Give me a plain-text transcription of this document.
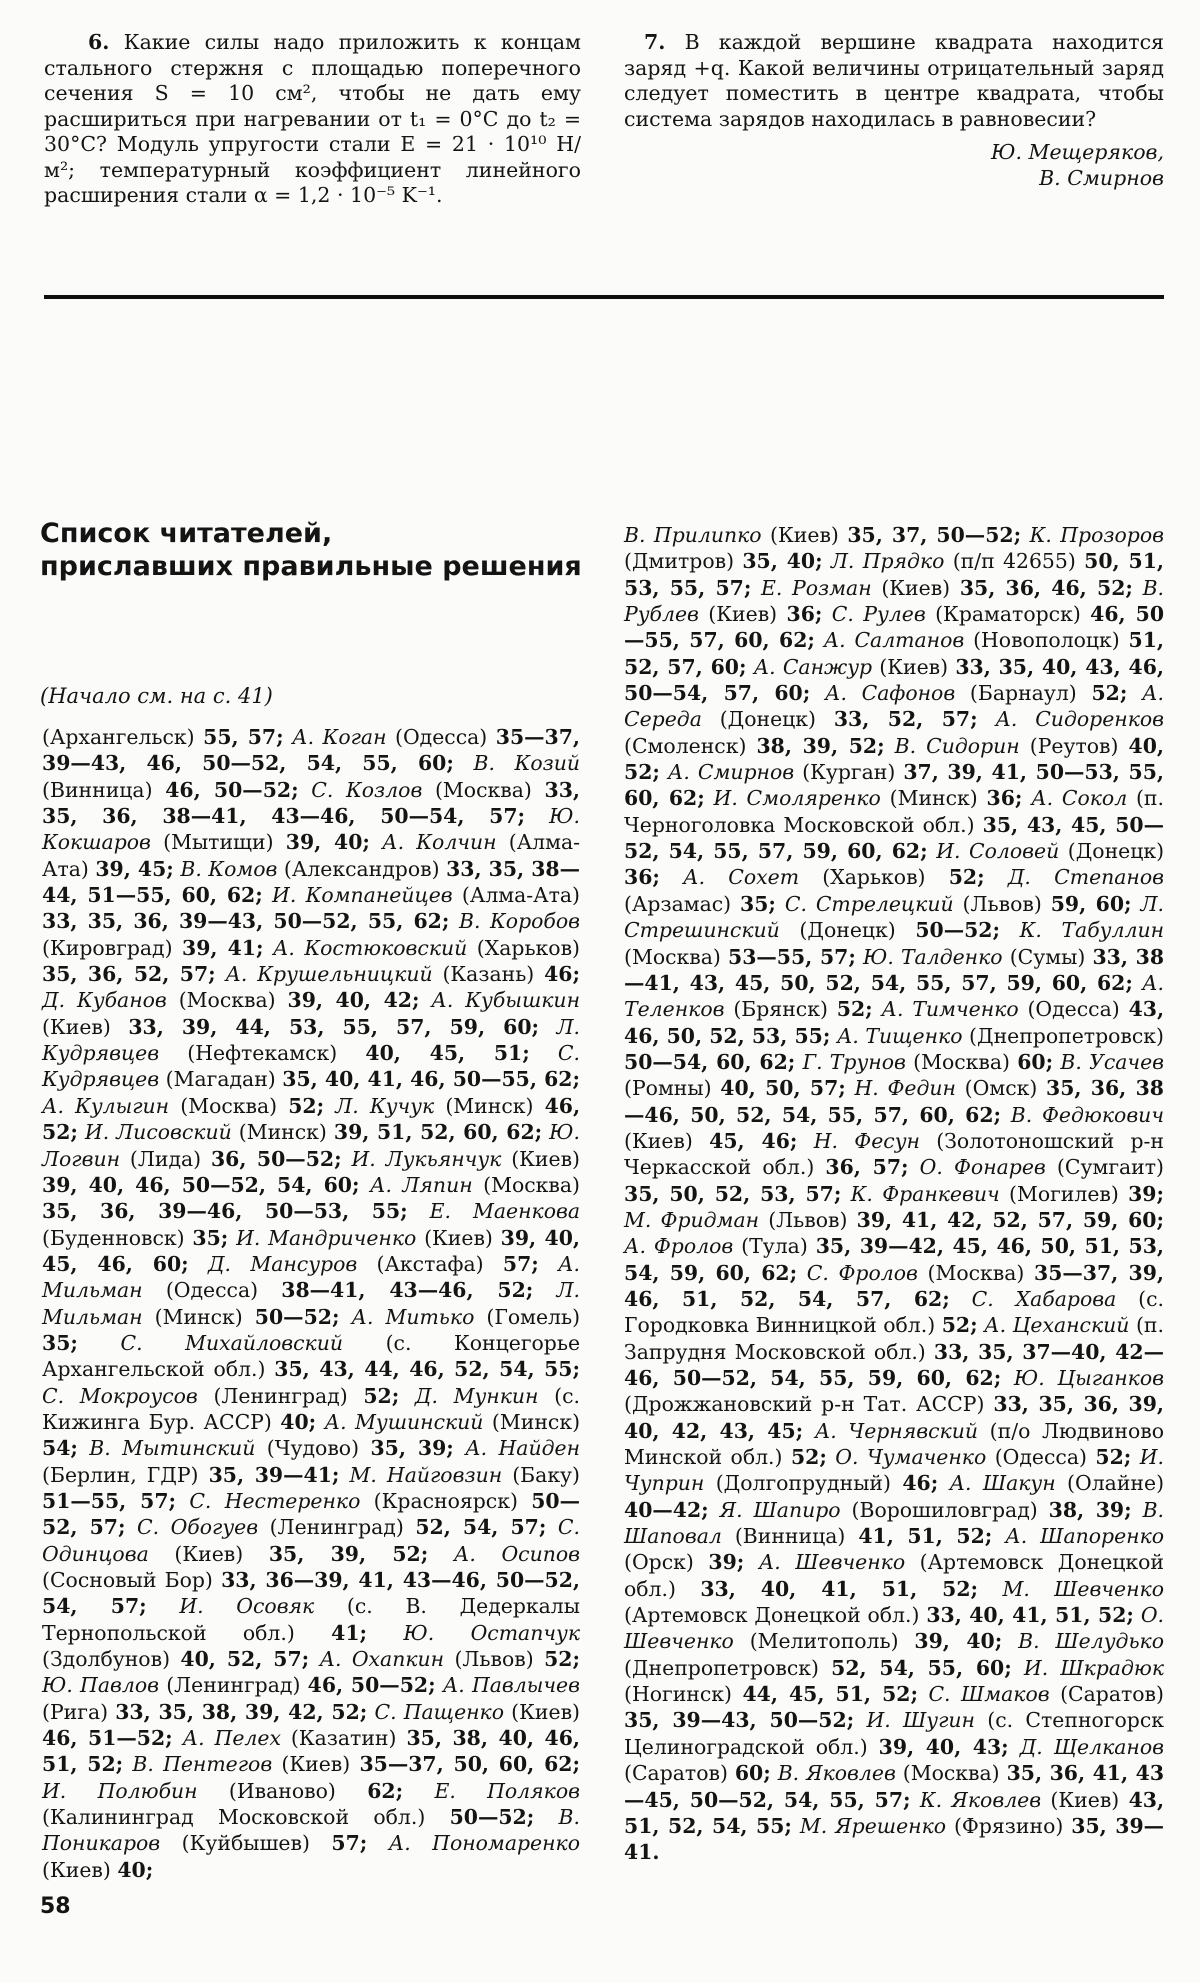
6. Какие силы надо приложить к концам стального стержня с площадью поперечного сечения S = 10 см², чтобы не дать ему расшириться при нагревании от t₁ = 0°C до t₂ = 30°C? Модуль упругости стали E = 21 · 10¹⁰ Н/м²; температурный коэффициент линейного расширения стали α = 1,2 · 10⁻⁵ K⁻¹.
7. В каждой вершине квадрата находится заряд +q. Какой величины отрицательный заряд следует поместить в центре квадрата, чтобы система зарядов находилась в равновесии?
Ю. Мещеряков,
В. Смирнов
Список читателей,
приславших правильные решения
(Начало см. на с. 41)
(Архангельск) 55, 57; А. Коган (Одесса) 35—37, 39—43, 46, 50—52, 54, 55, 60; В. Козий (Винница) 46, 50—52; С. Козлов (Москва) 33, 35, 36, 38—41, 43—46, 50—54, 57; Ю. Кокшаров (Мытищи) 39, 40; А. Колчин (Алма-Ата) 39, 45; В. Комов (Александров) 33, 35, 38—44, 51—55, 60, 62; И. Компанейцев (Алма-Ата) 33, 35, 36, 39—43, 50—52, 55, 62; В. Коробов (Кировград) 39, 41; А. Костюковский (Харьков) 35, 36, 52, 57; А. Крушельницкий (Казань) 46; Д. Кубанов (Москва) 39, 40, 42; А. Кубышкин (Киев) 33, 39, 44, 53, 55, 57, 59, 60; Л. Кудрявцев (Нефтекамск) 40, 45, 51; С. Кудрявцев (Магадан) 35, 40, 41, 46, 50—55, 62; А. Кулыгин (Москва) 52; Л. Кучук (Минск) 46, 52; И. Лисовский (Минск) 39, 51, 52, 60, 62; Ю. Логвин (Лида) 36, 50—52; И. Лукьянчук (Киев) 39, 40, 46, 50—52, 54, 60; А. Ляпин (Москва) 35, 36, 39—46, 50—53, 55; Е. Маенкова (Буденновск) 35; И. Мандриченко (Киев) 39, 40, 45, 46, 60; Д. Мансуров (Акстафа) 57; А. Мильман (Одесса) 38—41, 43—46, 52; Л. Мильман (Минск) 50—52; А. Митько (Гомель) 35; С. Михайловский (с. Концегорье Архангельской обл.) 35, 43, 44, 46, 52, 54, 55; С. Мокроусов (Ленинград) 52; Д. Мункин (с. Кижинга Бур. АССР) 40; А. Мушинский (Минск) 54; В. Мытинский (Чудово) 35, 39; А. Найден (Берлин, ГДР) 35, 39—41; М. Найговзин (Баку) 51—55, 57; С. Нестеренко (Красноярск) 50—52, 57; С. Обогуев (Ленинград) 52, 54, 57; С. Одинцова (Киев) 35, 39, 52; А. Осипов (Сосновый Бор) 33, 36—39, 41, 43—46, 50—52, 54, 57; И. Осовяк (с. В. Дедеркалы Тернопольской обл.) 41; Ю. Остапчук (Здолбунов) 40, 52, 57; А. Охапкин (Львов) 52; Ю. Павлов (Ленинград) 46, 50—52; А. Павлычев (Рига) 33, 35, 38, 39, 42, 52; С. Пащенко (Киев) 46, 51—52; А. Пелех (Казатин) 35, 38, 40, 46, 51, 52; В. Пентегов (Киев) 35—37, 50, 60, 62; И. Полюбин (Иваново) 62; Е. Поляков (Калининград Московской обл.) 50—52; В. Поникаров (Куйбышев) 57; А. Пономаренко (Киев) 40;
В. Прилипко (Киев) 35, 37, 50—52; К. Прозоров (Дмитров) 35, 40; Л. Прядко (п/п 42655) 50, 51, 53, 55, 57; Е. Розман (Киев) 35, 36, 46, 52; В. Рублев (Киев) 36; С. Рулев (Краматорск) 46, 50—55, 57, 60, 62; А. Салтанов (Новополоцк) 51, 52, 57, 60; А. Санжур (Киев) 33, 35, 40, 43, 46, 50—54, 57, 60; А. Сафонов (Барнаул) 52; А. Середа (Донецк) 33, 52, 57; А. Сидоренков (Смоленск) 38, 39, 52; В. Сидорин (Реутов) 40, 52; А. Смирнов (Курган) 37, 39, 41, 50—53, 55, 60, 62; И. Смоляренко (Минск) 36; А. Сокол (п. Черноголовка Московской обл.) 35, 43, 45, 50—52, 54, 55, 57, 59, 60, 62; И. Соловей (Донецк) 36; А. Сохет (Харьков) 52; Д. Степанов (Арзамас) 35; С. Стрелецкий (Львов) 59, 60; Л. Стрешинский (Донецк) 50—52; К. Табуллин (Москва) 53—55, 57; Ю. Талденко (Сумы) 33, 38—41, 43, 45, 50, 52, 54, 55, 57, 59, 60, 62; А. Теленков (Брянск) 52; А. Тимченко (Одесса) 43, 46, 50, 52, 53, 55; А. Тищенко (Днепропетровск) 50—54, 60, 62; Г. Трунов (Москва) 60; В. Усачев (Ромны) 40, 50, 57; Н. Федин (Омск) 35, 36, 38—46, 50, 52, 54, 55, 57, 60, 62; В. Федюкович (Киев) 45, 46; Н. Фесун (Золотоношский р-н Черкасской обл.) 36, 57; О. Фонарев (Сумгаит) 35, 50, 52, 53, 57; К. Франкевич (Могилев) 39; М. Фридман (Львов) 39, 41, 42, 52, 57, 59, 60; А. Фролов (Тула) 35, 39—42, 45, 46, 50, 51, 53, 54, 59, 60, 62; С. Фролов (Москва) 35—37, 39, 46, 51, 52, 54, 57, 62; С. Хабарова (с. Городковка Винницкой обл.) 52; А. Цеханский (п. Запрудня Московской обл.) 33, 35, 37—40, 42—46, 50—52, 54, 55, 59, 60, 62; Ю. Цыганков (Дрожжановский р-н Тат. АССР) 33, 35, 36, 39, 40, 42, 43, 45; А. Чернявский (п/о Людвиново Минской обл.) 52; О. Чумаченко (Одесса) 52; И. Чуприн (Долгопрудный) 46; А. Шакун (Олайне) 40—42; Я. Шапиро (Ворошиловград) 38, 39; В. Шаповал (Винница) 41, 51, 52; А. Шапоренко (Орск) 39; А. Шевченко (Артемовск Донецкой обл.) 33, 40, 41, 51, 52; М. Шевченко (Артемовск Донецкой обл.) 33, 40, 41, 51, 52; О. Шевченко (Мелитополь) 39, 40; В. Шелудько (Днепропетровск) 52, 54, 55, 60; И. Шкрадюк (Ногинск) 44, 45, 51, 52; С. Шмаков (Саратов) 35, 39—43, 50—52; И. Шугин (с. Степногорск Целиноградской обл.) 39, 40, 43; Д. Щелканов (Саратов) 60; В. Яковлев (Москва) 35, 36, 41, 43—45, 50—52, 54, 55, 57; К. Яковлев (Киев) 43, 51, 52, 54, 55; М. Ярешенко (Фрязино) 35, 39—41.
58
